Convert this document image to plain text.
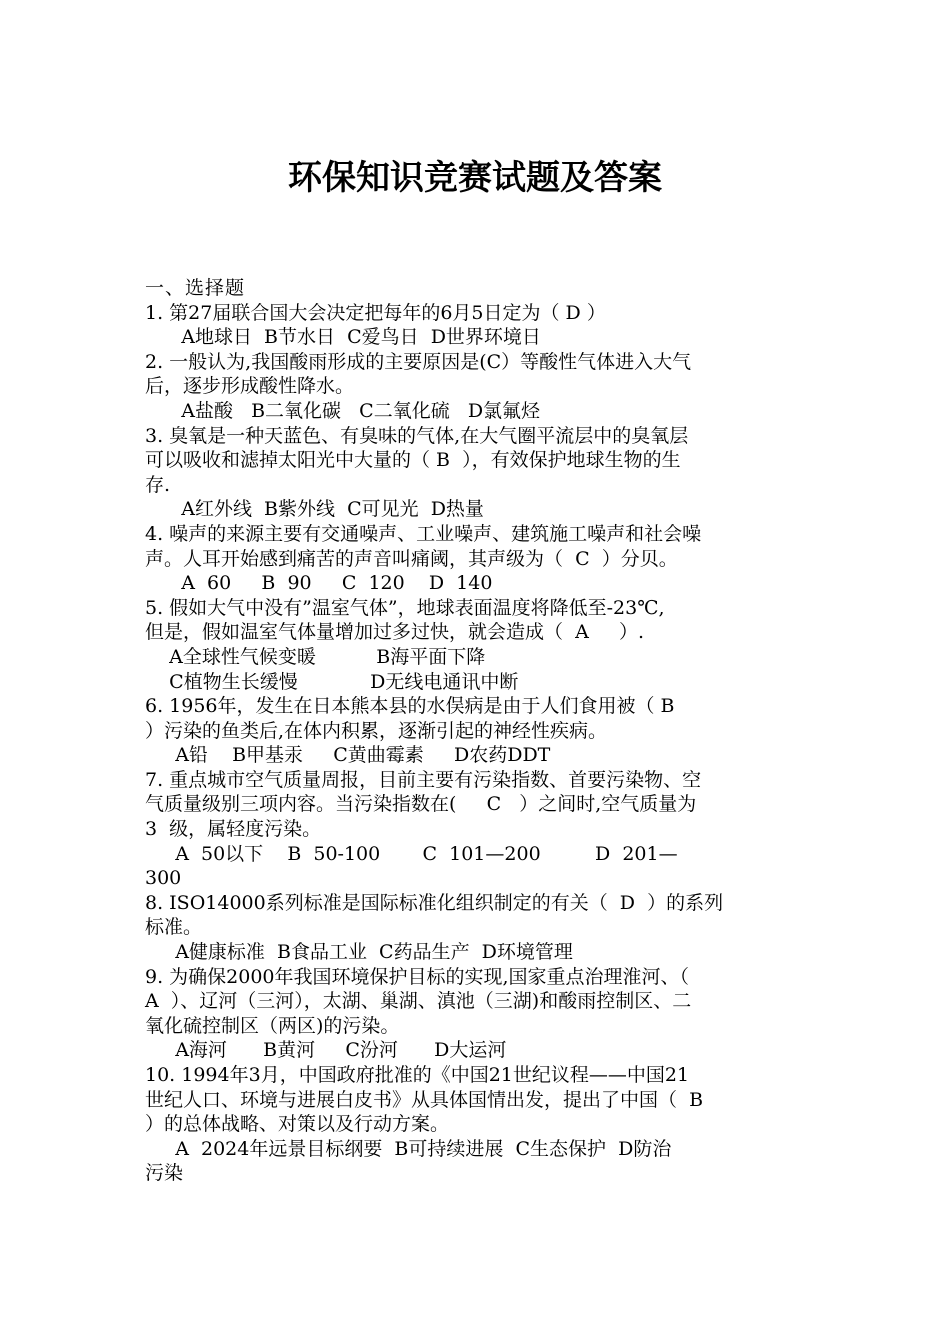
环保知识竞赛试题及答案
一、选择题
1. 第27届联合国大会决定把每年的6月5日定为（ D ）
A地球日  B节水日  C爱鸟日  D世界环境日
2. 一般认为,我国酸雨形成的主要原因是(C）等酸性气体进入大气
后，逐步形成酸性降水。
A盐酸   B二氧化碳   C二氧化硫   D氯氟烃
3. 臭氧是一种天蓝色、有臭味的气体,在大气圈平流层中的臭氧层
可以吸收和滤掉太阳光中大量的（ B  ），有效保护地球生物的生
存.
A红外线  B紫外线  C可见光  D热量
4. 噪声的来源主要有交通噪声、工业噪声、建筑施工噪声和社会噪
声。人耳开始感到痛苦的声音叫痛阈，其声级为（  C  ）分贝。
A  60     B  90     C  120    D  140
5. 假如大气中没有”温室气体”，地球表面温度将降低至-23℃,
但是，假如温室气体量增加过多过快，就会造成（  A     ）.
A全球性气候变暖          B海平面下降
C植物生长缓慢            D无线电通讯中断
6. 1956年，发生在日本熊本县的水俣病是由于人们食用被（ B
）污染的鱼类后,在体内积累，逐渐引起的神经性疾病。
A铅    B甲基汞     C黄曲霉素     D农药DDT
7. 重点城市空气质量周报，目前主要有污染指数、首要污染物、空
气质量级别三项内容。当污染指数在(     C   ）之间时,空气质量为
3  级，属轻度污染。
A  50以下    B  50-100       C  101—200         D  201—
300
8. ISO14000系列标准是国际标准化组织制定的有关（  D  ）的系列
标准。
A健康标准  B食品工业  C药品生产  D环境管理
9. 为确保2000年我国环境保护目标的实现,国家重点治理淮河、（
A  ）、辽河（三河），太湖、巢湖、滇池（三湖)和酸雨控制区、二
氧化硫控制区（两区)的污染。
A海河      B黄河     C汾河      D大运河
10. 1994年3月，中国政府批准的《中国21世纪议程——中国21
世纪人口、环境与进展白皮书》从具体国情出发，提出了中国（  B
）的总体战略、对策以及行动方案。
A  2024年远景目标纲要  B可持续进展  C生态保护  D防治
污染
